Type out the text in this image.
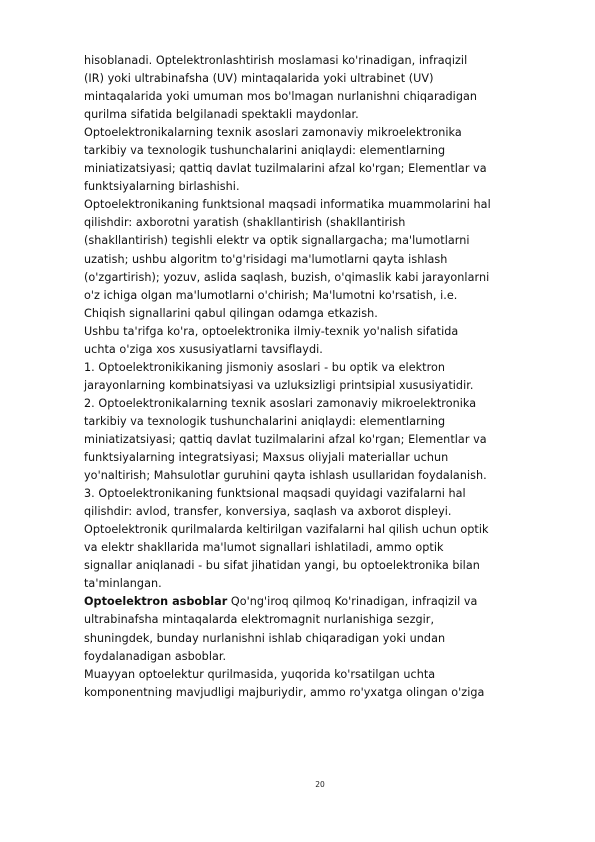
hisoblanadi. Optelektronlashtirish moslamasi ko'rinadigan, infraqizil
(IR) yoki ultrabinafsha (UV) mintaqalarida yoki ultrabinet (UV)
mintaqalarida yoki umuman mos bo'lmagan nurlanishni chiqaradigan
qurilma sifatida belgilanadi spektakli maydonlar.
Optoelektronikalarning texnik asoslari zamonaviy mikroelektronika
tarkibiy va texnologik tushunchalarini aniqlaydi: elementlarning
miniatizatsiyasi; qattiq davlat tuzilmalarini afzal ko'rgan; Elementlar va
funktsiyalarning birlashishi.
Optoelektronikaning funktsional maqsadi informatika muammolarini hal
qilishdir: axborotni yaratish (shakllantirish (shakllantirish
(shakllantirish) tegishli elektr va optik signallargacha; ma'lumotlarni
uzatish; ushbu algoritm to'g'risidagi ma'lumotlarni qayta ishlash
(o'zgartirish); yozuv, aslida saqlash, buzish, o'qimaslik kabi jarayonlarni
o'z ichiga olgan ma'lumotlarni o'chirish; Ma'lumotni ko'rsatish, i.e.
Chiqish signallarini qabul qilingan odamga etkazish.
Ushbu ta'rifga ko'ra, optoelektronika ilmiy-texnik yo'nalish sifatida
uchta o'ziga xos xususiyatlarni tavsiflaydi.
1. Optoelektronikikaning jismoniy asoslari - bu optik va elektron
jarayonlarning kombinatsiyasi va uzluksizligi printsipial xususiyatidir.
2. Optoelektronikalarning texnik asoslari zamonaviy mikroelektronika
tarkibiy va texnologik tushunchalarini aniqlaydi: elementlarning
miniatizatsiyasi; qattiq davlat tuzilmalarini afzal ko'rgan; Elementlar va
funktsiyalarning integratsiyasi; Maxsus oliyjali materiallar uchun
yo'naltirish; Mahsulotlar guruhini qayta ishlash usullaridan foydalanish.
3. Optoelektronikaning funktsional maqsadi quyidagi vazifalarni hal
qilishdir: avlod, transfer, konversiya, saqlash va axborot displeyi.
Optoelektronik qurilmalarda keltirilgan vazifalarni hal qilish uchun optik
va elektr shakllarida ma'lumot signallari ishlatiladi, ammo optik
signallar aniqlanadi - bu sifat jihatidan yangi, bu optoelektronika bilan
ta'minlangan.
Optoelektron asboblar Qo'ng'iroq qilmoq Ko'rinadigan, infraqizil va
ultrabinafsha mintaqalarda elektromagnit nurlanishiga sezgir,
shuningdek, bunday nurlanishni ishlab chiqaradigan yoki undan
foydalanadigan asboblar.
Muayyan optoelektur qurilmasida, yuqorida ko'rsatilgan uchta
komponentning mavjudligi majburiydir, ammo ro'yxatga olingan o'ziga
20
